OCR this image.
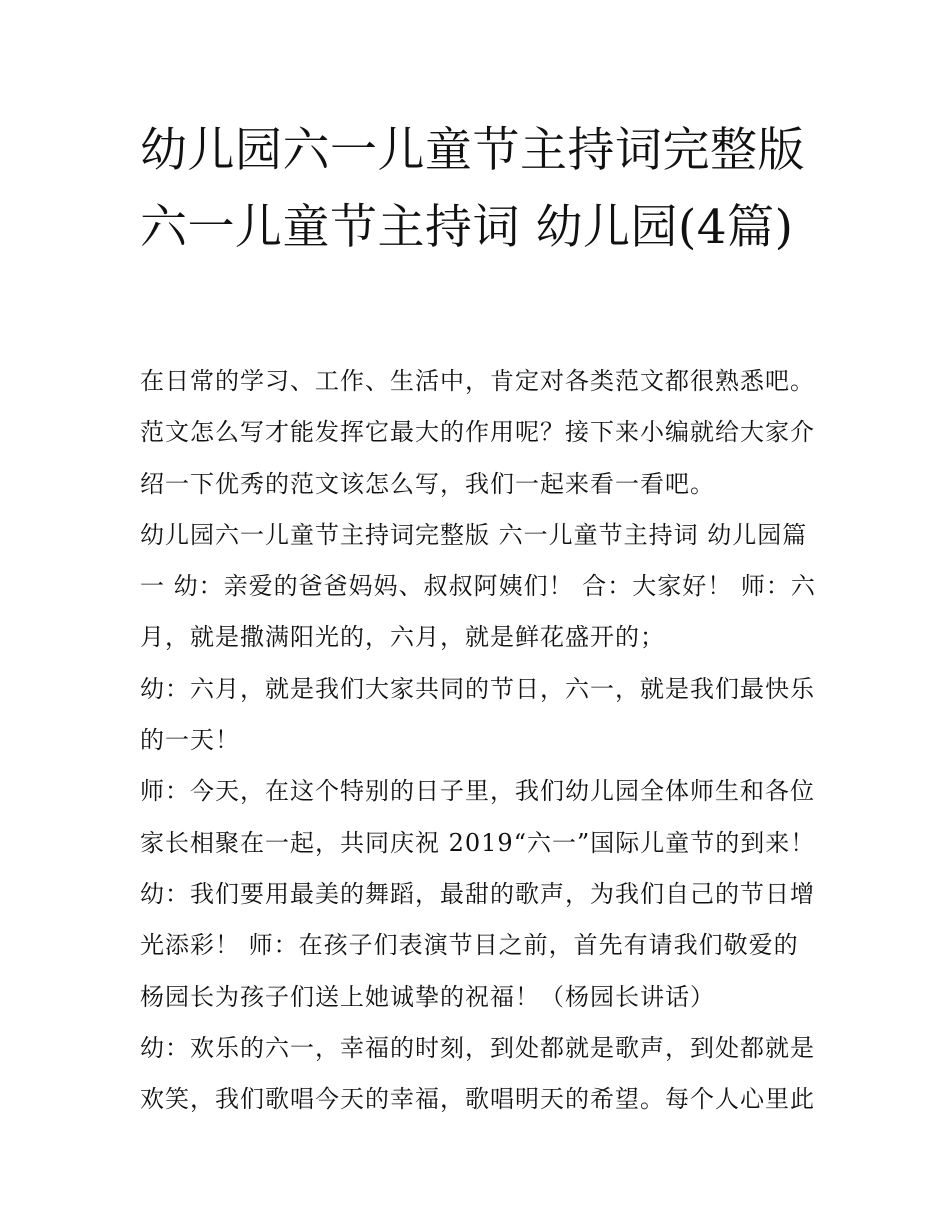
幼儿园六一儿童节主持词完整版 六一儿童节主持词 幼儿园(4篇)

在日常的学习、工作、生活中，肯定对各类范文都很熟悉吧。范文怎么写才能发挥它最大的作用呢？接下来小编就给大家介绍一下优秀的范文该怎么写，我们一起来看一看吧。

幼儿园六一儿童节主持词完整版 六一儿童节主持词 幼儿园篇一 幼：亲爱的爸爸妈妈、叔叔阿姨们！ 合：大家好！ 师：六月，就是撒满阳光的，六月，就是鲜花盛开的；

幼：六月，就是我们大家共同的节日，六一，就是我们最快乐的一天！

师：今天，在这个特别的日子里，我们幼儿园全体师生和各位家长相聚在一起，共同庆祝 2019“六一”国际儿童节的到来！

幼：我们要用最美的舞蹈，最甜的歌声，为我们自己的节日增光添彩！ 师：在孩子们表演节目之前，首先有请我们敬爱的杨园长为孩子们送上她诚挚的祝福！（杨园长讲话）

幼：欢乐的六一，幸福的时刻，到处都就是歌声，到处都就是欢笑，我们歌唱今天的幸福，歌唱明天的希望。每个人心里此
